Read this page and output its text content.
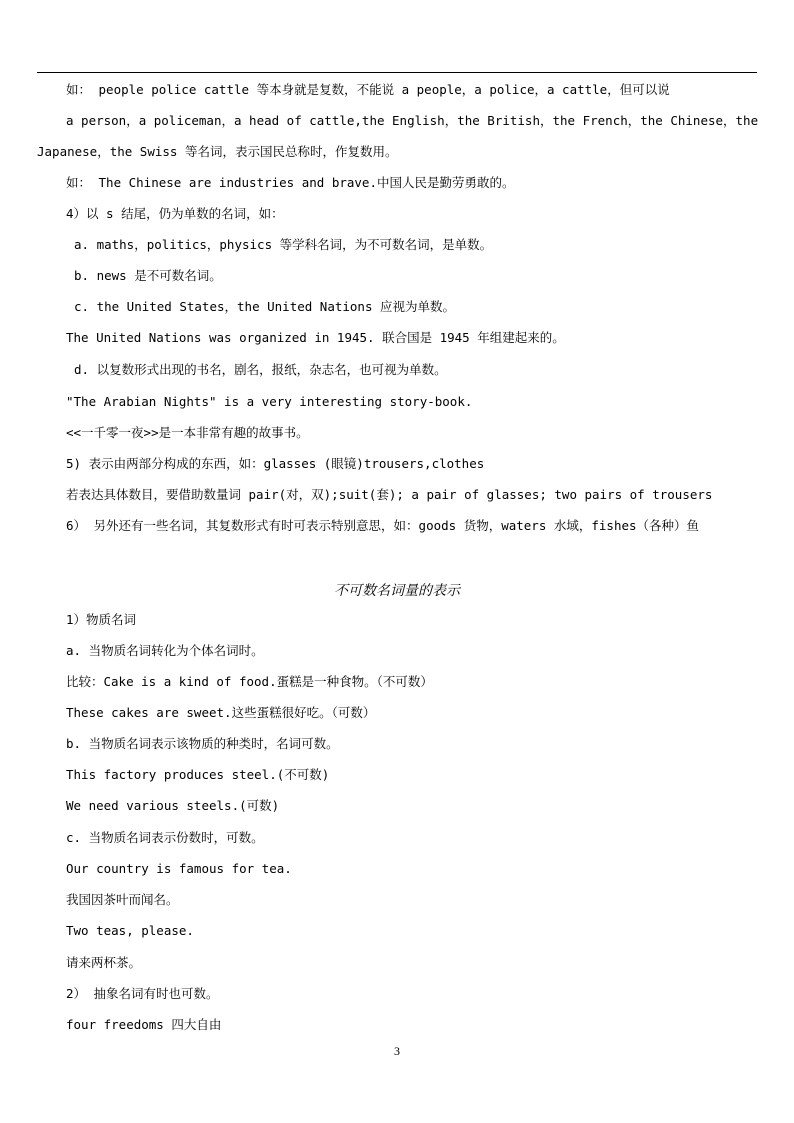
如： people police cattle 等本身就是复数，不能说 a people，a police，a cattle，但可以说
a person，a policeman，a head of cattle,the English，the British，the French，the Chinese，the
Japanese，the Swiss 等名词，表示国民总称时，作复数用。
如： The Chinese are industries and brave.中国人民是勤劳勇敢的。
4）以 s 结尾，仍为单数的名词，如：
a. maths，politics，physics 等学科名词，为不可数名词，是单数。
b. news 是不可数名词。
c. the United States，the United Nations 应视为单数。
The United Nations was organized in 1945. 联合国是 1945 年组建起来的。
d. 以复数形式出现的书名，剧名，报纸，杂志名，也可视为单数。
"The Arabian Nights" is a very interesting story-book.
<<一千零一夜>>是一本非常有趣的故事书。
5) 表示由两部分构成的东西，如：glasses (眼镜)trousers,clothes
若表达具体数目，要借助数量词 pair(对，双);suit(套); a pair of glasses; two pairs of trousers
6） 另外还有一些名词，其复数形式有时可表示特别意思，如：goods 货物，waters 水域，fishes（各种）鱼
不可数名词量的表示
1）物质名词
a. 当物质名词转化为个体名词时。
比较：Cake is a kind of food.蛋糕是一种食物。（不可数）
These cakes are sweet.这些蛋糕很好吃。（可数）
b. 当物质名词表示该物质的种类时，名词可数。
This factory produces steel.(不可数)
We need various steels.(可数)
c. 当物质名词表示份数时，可数。
Our country is famous for tea.
我国因茶叶而闻名。
Two teas, please.
请来两杯茶。
2） 抽象名词有时也可数。
four freedoms 四大自由
3
